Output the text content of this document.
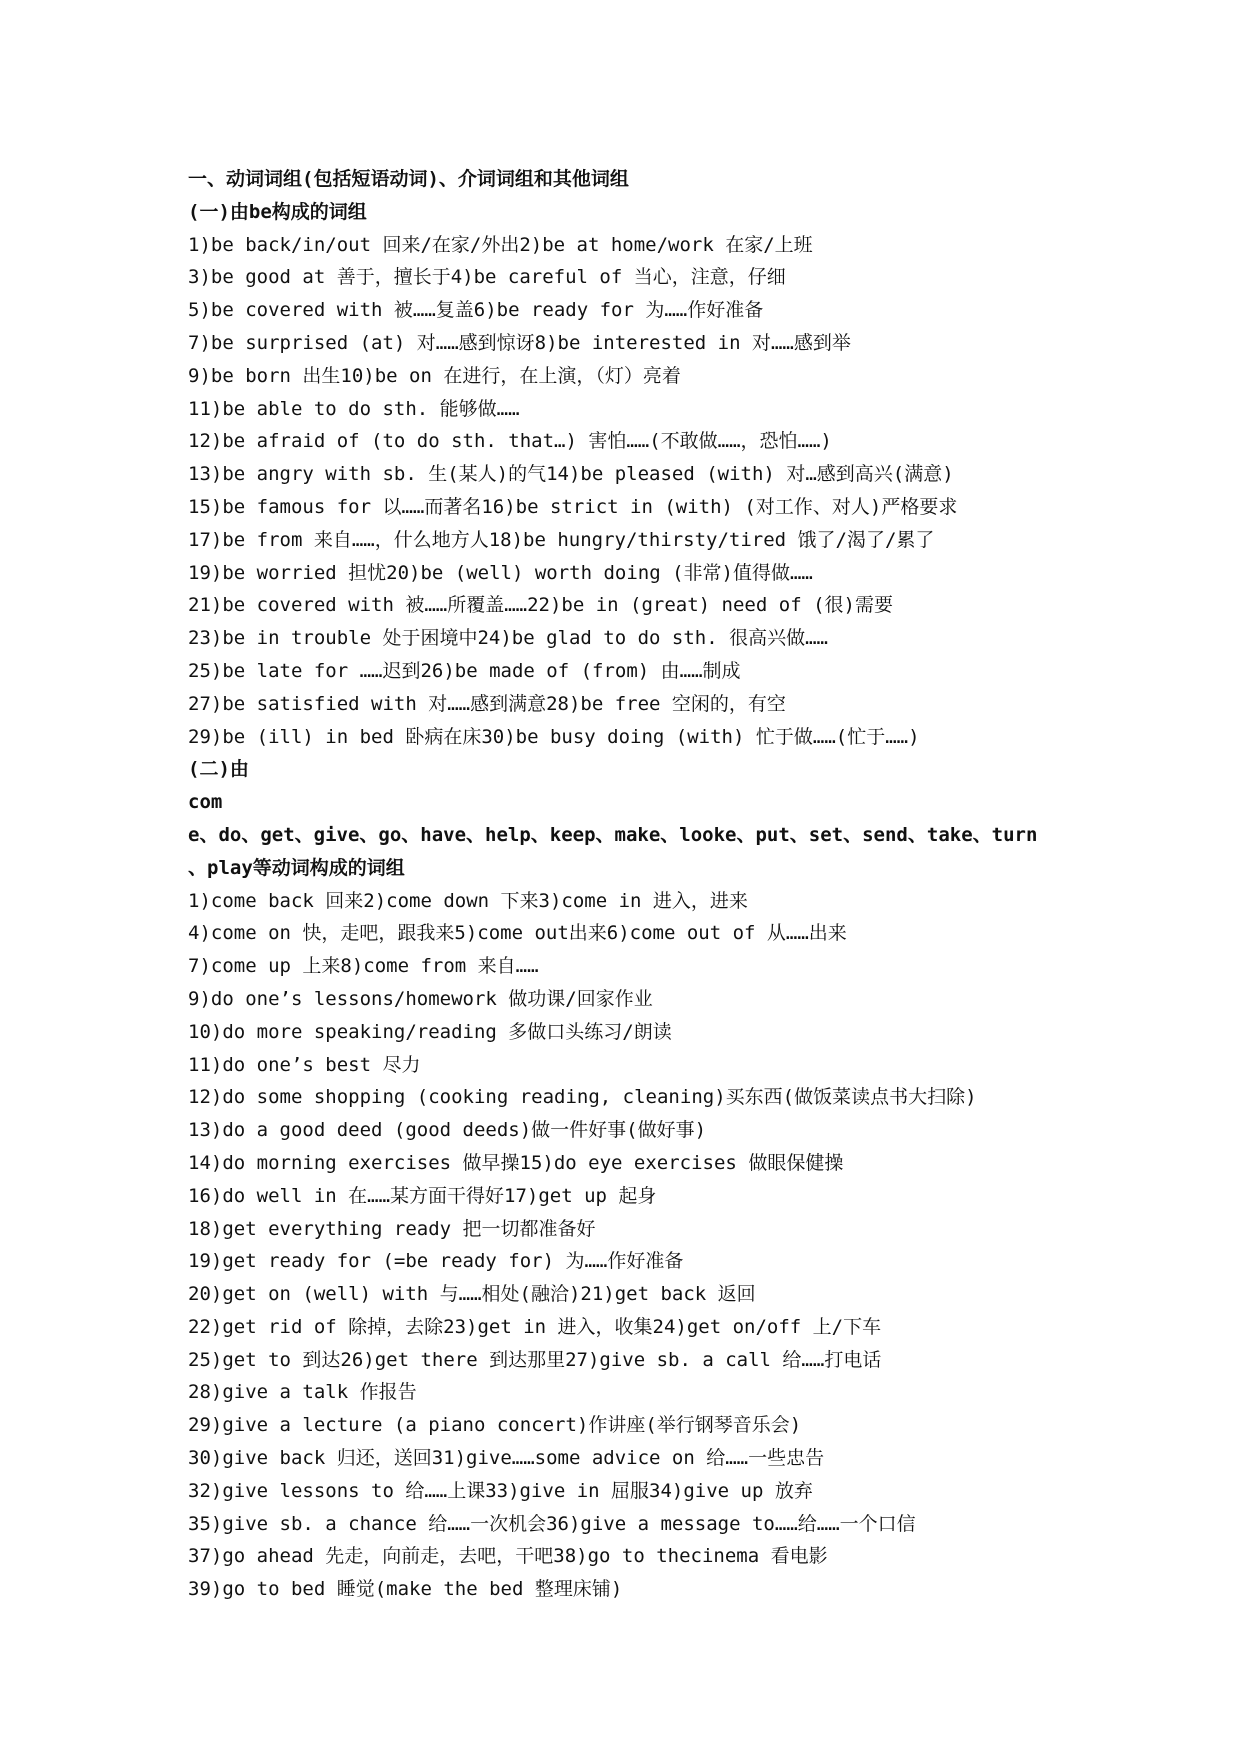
一、动词词组(包括短语动词)、介词词组和其他词组
(一)由be构成的词组
1)be back/in/out 回来/在家/外出2)be at home/work 在家/上班
3)be good at 善于，擅长于4)be careful of 当心，注意，仔细
5)be covered with 被……复盖6)be ready for 为……作好准备
7)be surprised (at) 对……感到惊讶8)be interested in 对……感到举
9)be born 出生10)be on 在进行，在上演，（灯）亮着
11)be able to do sth. 能够做……
12)be afraid of (to do sth. that…) 害怕……(不敢做……，恐怕……)
13)be angry with sb. 生(某人)的气14)be pleased (with) 对…感到高兴(满意)
15)be famous for 以……而著名16)be strict in (with) (对工作、对人)严格要求
17)be from 来自……，什么地方人18)be hungry/thirsty/tired 饿了/渴了/累了
19)be worried 担忧20)be (well) worth doing (非常)值得做……
21)be covered with 被……所覆盖……22)be in (great) need of (很)需要
23)be in trouble 处于困境中24)be glad to do sth. 很高兴做……
25)be late for ……迟到26)be made of (from) 由……制成
27)be satisfied with 对……感到满意28)be free 空闲的，有空
29)be (ill) in bed 卧病在床30)be busy doing (with) 忙于做……(忙于……)
(二)由
com
e、do、get、give、go、have、help、keep、make、looke、put、set、send、take、turn
、play等动词构成的词组
1)come back 回来2)come down 下来3)come in 进入，进来
4)come on 快，走吧，跟我来5)come out出来6)come out of 从……出来
7)come up 上来8)come from 来自……
9)do one’s lessons/homework 做功课/回家作业
10)do more speaking/reading 多做口头练习/朗读
11)do one’s best 尽力
12)do some shopping (cooking reading, cleaning)买东西(做饭菜读点书大扫除)
13)do a good deed (good deeds)做一件好事(做好事)
14)do morning exercises 做早操15)do eye exercises 做眼保健操
16)do well in 在……某方面干得好17)get up 起身
18)get everything ready 把一切都准备好
19)get ready for (=be ready for) 为……作好准备
20)get on (well) with 与……相处(融洽)21)get back 返回
22)get rid of 除掉，去除23)get in 进入，收集24)get on/off 上/下车
25)get to 到达26)get there 到达那里27)give sb. a call 给……打电话
28)give a talk 作报告
29)give a lecture (a piano concert)作讲座(举行钢琴音乐会)
30)give back 归还，送回31)give……some advice on 给……一些忠告
32)give lessons to 给……上课33)give in 屈服34)give up 放弃
35)give sb. a chance 给……一次机会36)give a message to……给……一个口信
37)go ahead 先走，向前走，去吧，干吧38)go to thecinema 看电影
39)go to bed 睡觉(make the bed 整理床铺)
